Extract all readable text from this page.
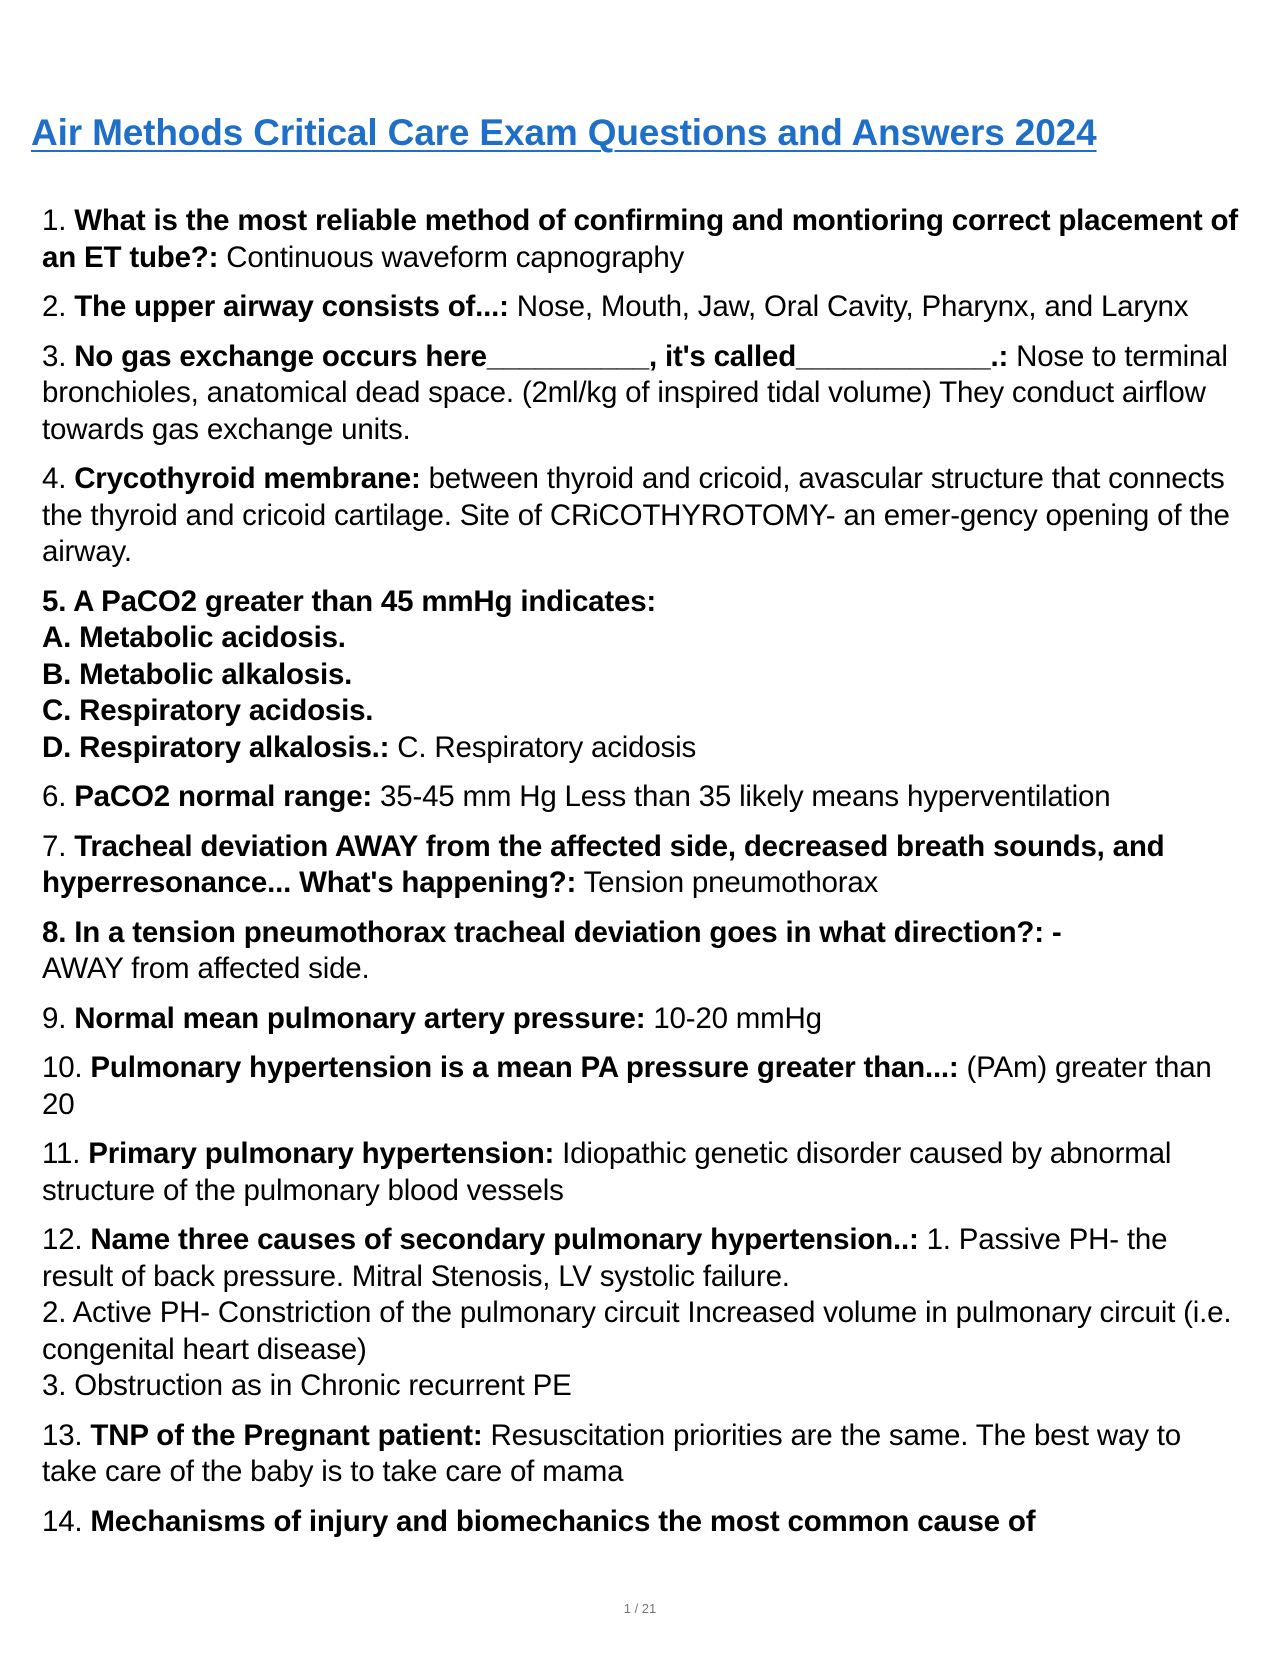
Air Methods Critical Care Exam Questions and Answers 2024

1. What is the most reliable method of confirming and montioring correct placement of an ET tube?: Continuous waveform capnography

2. The upper airway consists of...: Nose, Mouth, Jaw, Oral Cavity, Pharynx, and Larynx

3. No gas exchange occurs here__________, it's called____________.: Nose to terminal bronchioles, anatomical dead space. (2ml/kg of inspired tidal volume) They conduct airflow towards gas exchange units.

4. Crycothyroid membrane: between thyroid and cricoid, avascular structure that connects the thyroid and cricoid cartilage. Site of CRiCOTHYROTOMY- an emer-gency opening of the airway.

5. A PaCO2 greater than 45 mmHg indicates:
A. Metabolic acidosis.
B. Metabolic alkalosis.
C. Respiratory acidosis.
D. Respiratory alkalosis.: C. Respiratory acidosis

6. PaCO2 normal range: 35-45 mm Hg Less than 35 likely means hyperventilation

7. Tracheal deviation AWAY from the affected side, decreased breath sounds, and hyperresonance... What's happening?: Tension pneumothorax

8. In a tension pneumothorax tracheal deviation goes in what direction?: -
AWAY from affected side.

9. Normal mean pulmonary artery pressure: 10-20 mmHg

10. Pulmonary hypertension is a mean PA pressure greater than...: (PAm) greater than 20

11. Primary pulmonary hypertension: Idiopathic genetic disorder caused by abnormal structure of the pulmonary blood vessels

12. Name three causes of secondary pulmonary hypertension..: 1. Passive PH- the result of back pressure. Mitral Stenosis, LV systolic failure.
2. Active PH- Constriction of the pulmonary circuit Increased volume in pulmonary circuit (i.e. congenital heart disease)
3. Obstruction as in Chronic recurrent PE

13. TNP of the Pregnant patient: Resuscitation priorities are the same. The best way to take care of the baby is to take care of mama

14. Mechanisms of injury and biomechanics the most common cause of

1 / 21
